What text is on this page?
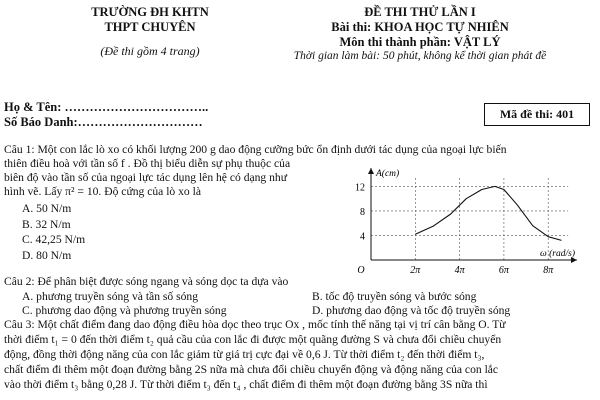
TRƯỜNG ĐH KHTN
THPT CHUYÊN
(Đề thi gồm 4 trang)
ĐỀ THI THỬ LẦN I
Bài thi: KHOA HỌC TỰ NHIÊN
Môn thi thành phần: VẬT LÝ
Thời gian làm bài: 50 phút, không kể thời gian phát đề
Họ & Tên: ……………………………..
Số Báo Danh:…………………………
Mã đề thi: 401
Câu 1: Một con lắc lò xo có khối lượng 200 g dao động cưỡng bức ổn định dưới tác dụng của ngoại lực biến
thiên điều hoà với tần số f . Đồ thị biểu diễn sự phụ thuộc của
biên độ vào tần số của ngoại lực tác dụng lên hệ có dạng như
hình vẽ. Lấy π² = 10. Độ cứng của lò xo là
A. 50 N/m
B. 32 N/m
C. 42,25 N/m
D. 80 N/m
4
8
12
2π	4π	6π	8π
O
A(cm)
ω (rad/s)
Câu 2: Để phân biệt được sóng ngang và sóng dọc ta dựa vào
A. phương truyền sóng và tần số sóng	B. tốc độ truyền sóng và bước sóng
C. phương dao động và phương truyền sóng	D. phương dao động và tốc độ truyền sóng
Câu 3: Một chất điểm đang dao động điều hòa dọc theo trục Ox , mốc tính thế năng tại vị trí cân bằng O. Từ
thời điểm t₁ = 0 đến thời điểm t₂ quả cầu của con lắc đi được một quãng đường S và chưa đổi chiều chuyển
động, đồng thời động năng của con lắc giảm từ giá trị cực đại về 0,6 J. Từ thời điểm t₂ đến thời điểm t₃,
chất điểm đi thêm một đoạn đường bằng 2S nữa mà chưa đổi chiều chuyển động và động năng của con lắc
vào thời điểm t₃ bằng 0,28 J. Từ thời điểm t₃ đến t₄ , chất điểm đi thêm một đoạn đường bằng 3S nữa thì
